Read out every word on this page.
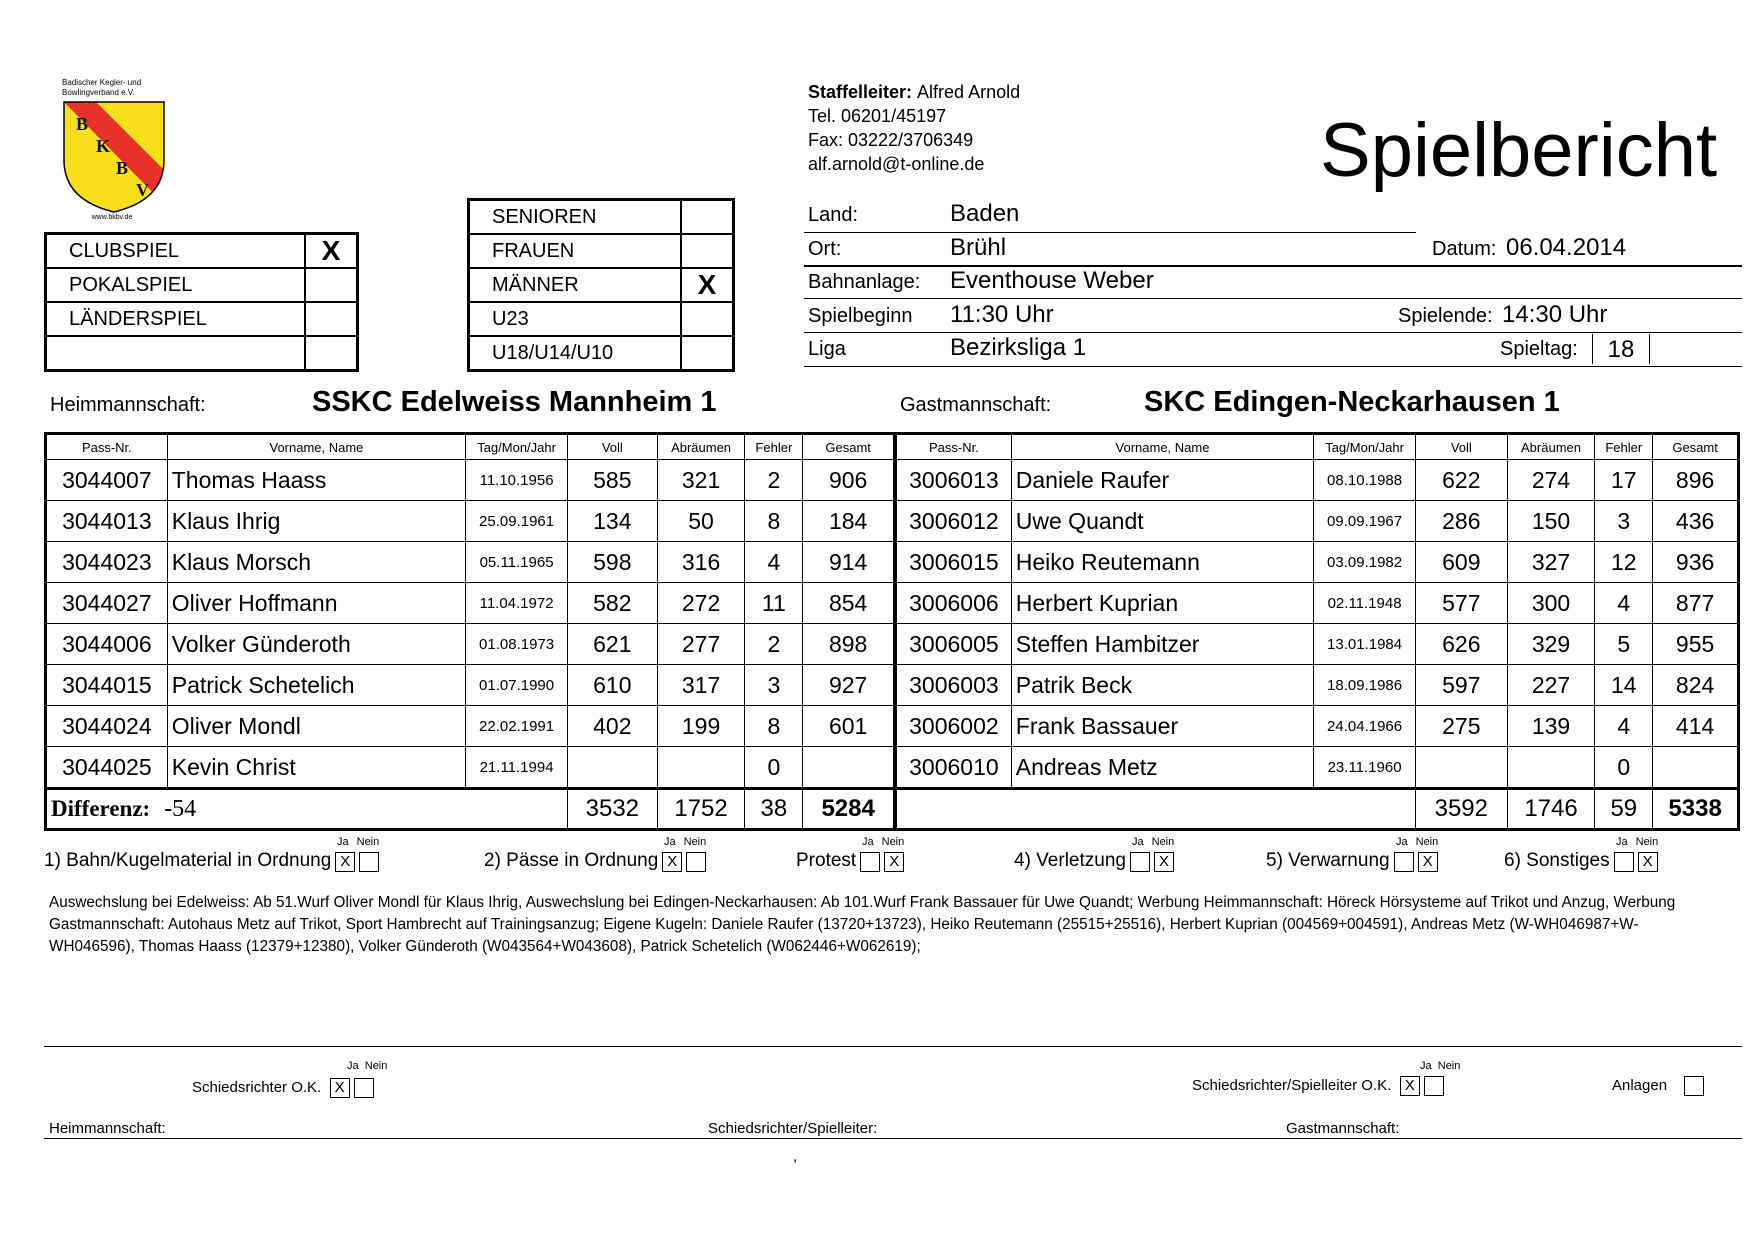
Badischer Kegler- und Bowlingverband e.V.
B
K
B
V
www.bkbv.de
Staffelleiter: Alfred Arnold
Tel. 06201/45197
Fax: 03222/3706349
alf.arnold@t-online.de	Spielbericht
SENIOREN	
FRAUEN	
MÄNNER	X
U23	
U18/U14/U10	
CLUBSPIEL	X
POKALSPIEL	
LÄNDERSPIEL	

Land:	Baden
Ort:	Brühl	Datum: 06.04.2014
Bahnanlage: Eventhouse Weber
Spielbeginn 11:30 Uhr	Spielende: 14:30 Uhr
Liga	Bezirksliga 1	Spieltag:	18
Heimmannschaft:	SSKC Edelweiss Mannheim 1	Gastmannschaft:	SKC Edingen-Neckarhausen 1
Pass-Nr.	Vorname, Name	Tag/Mon/Jahr	Voll	Abräumen	Fehler	Gesamt
3044007	Thomas Haass	11.10.1956	585	321	2	906
3044013	Klaus Ihrig	25.09.1961	134	50	8	184
3044023	Klaus Morsch	05.11.1965	598	316	4	914
3044027	Oliver Hoffmann	11.04.1972	582	272	11	854
3044006	Volker Günderoth	01.08.1973	621	277	2	898
3044015	Patrick Schetelich	01.07.1990	610	317	3	927
3044024	Oliver Mondl	22.02.1991	402	199	8	601
3044025	Kevin Christ	21.11.1994			0	
Differenz: -54			3532	1752	38	5284
Pass-Nr.	Vorname, Name	Tag/Mon/Jahr	Voll	Abräumen	Fehler	Gesamt
3006013	Daniele Raufer	08.10.1988	622	274	17	896
3006012	Uwe Quandt	09.09.1967	286	150	3	436
3006015	Heiko Reutemann	03.09.1982	609	327	12	936
3006006	Herbert Kuprian	02.11.1948	577	300	4	877
3006005	Steffen Hambitzer	13.01.1984	626	329	5	955
3006003	Patrik Beck	18.09.1986	597	227	14	824
3006002	Frank Bassauer	24.04.1966	275	139	4	414
3006010	Andreas Metz	23.11.1960			0	
			3592	1746	59	5338
Ja Nein
1) Bahn/Kugelmaterial in Ordnung X
Ja Nein
2) Pässe in Ordnung X
Ja Nein
Protest X
Ja Nein
4) Verletzung X
Ja Nein
5) Verwarnung X
Ja Nein
6) Sonstiges X
Auswechslung bei Edelweiss: Ab 51.Wurf Oliver Mondl für Klaus Ihrig, Auswechslung bei Edingen-Neckarhausen: Ab 101.Wurf Frank Bassauer für Uwe Quandt; Werbung Heimmannschaft: Höreck Hörsysteme auf Trikot und Anzug, Werbung Gastmannschaft: Autohaus Metz auf Trikot, Sport Hambrecht auf Trainingsanzug; Eigene Kugeln: Daniele Raufer (13720+13723), Heiko Reutemann (25515+25516), Herbert Kuprian (004569+004591), Andreas Metz (W-WH046987+W-WH046596), Thomas Haass (12379+12380), Volker Günderoth (W043564+W043608), Patrick Schetelich (W062446+W062619);
Ja Nein
Schiedsrichter O.K. X
Ja Nein
Schiedsrichter/Spielleiter O.K. X	Anlagen
Heimmannschaft:	Schiedsrichter/Spielleiter:	Gastmannschaft:
,
